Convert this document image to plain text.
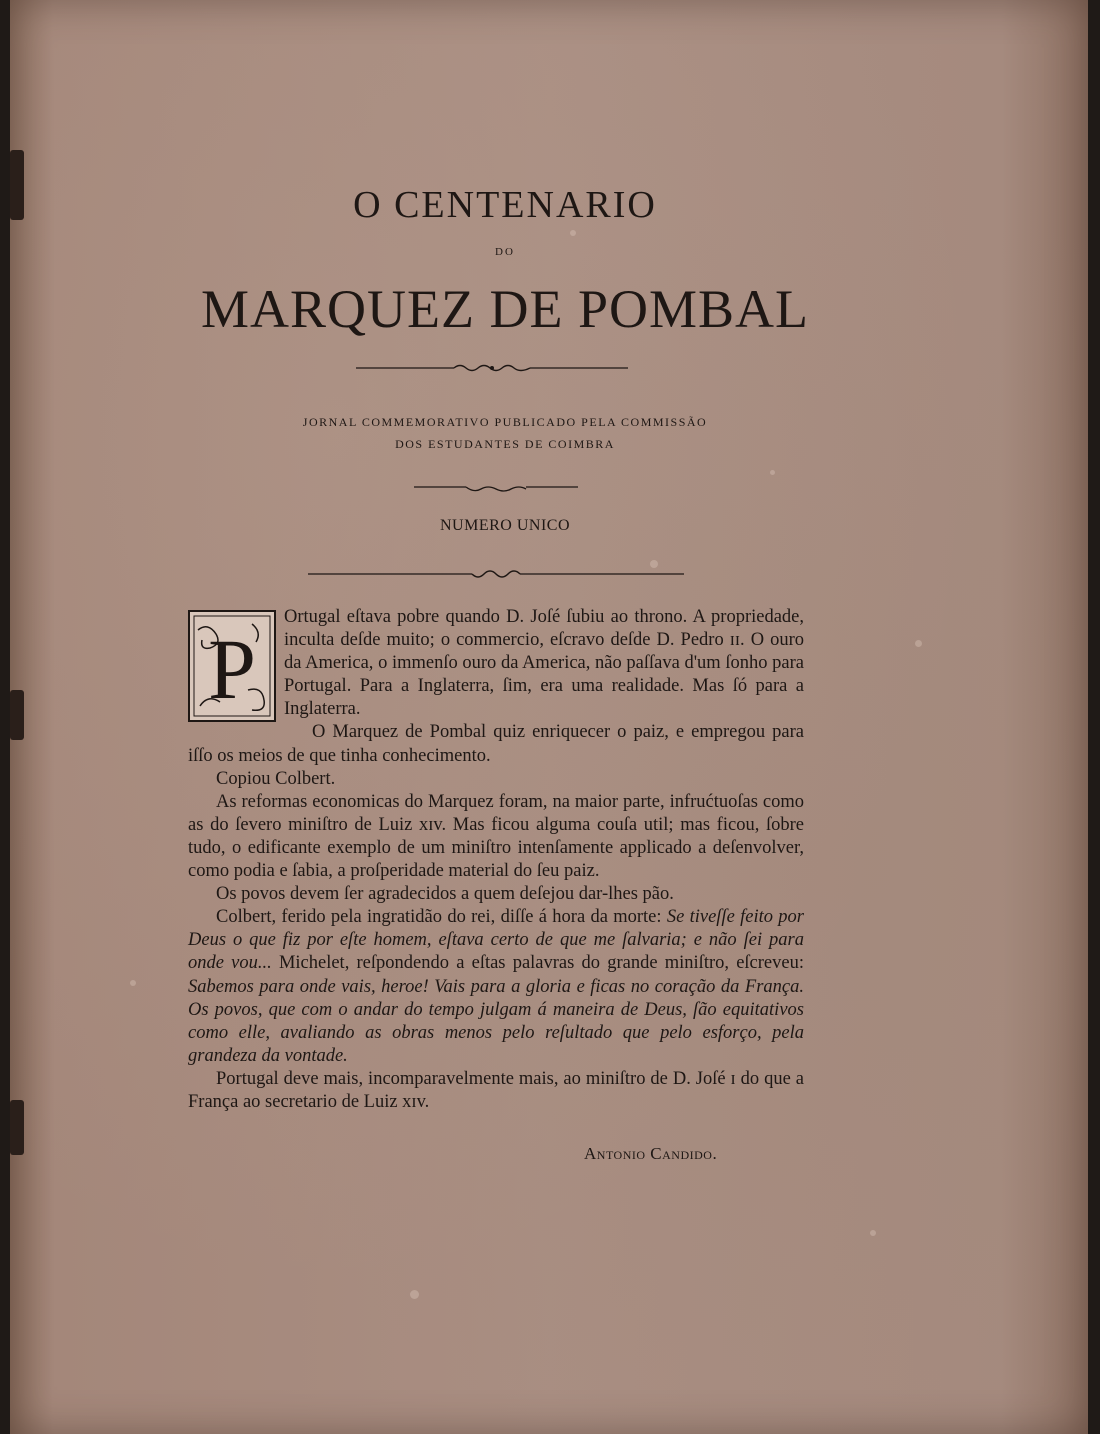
O CENTENARIO
DO
MARQUEZ DE POMBAL
JORNAL COMMEMORATIVO PUBLICADO PELA COMMISSÃO
DOS ESTUDANTES DE COIMBRA
NUMERO UNICO
P

Ortugal eſtava pobre quando D. Joſé ſubiu ao throno. A propriedade, inculta deſde muito; o commercio, eſcravo deſde D. Pedro ɪɪ. O ouro da America, o immenſo ouro da America, não paſſava d'um ſonho para Portugal. Para a Inglaterra, ſim, era uma realidade. Mas ſó para a Inglaterra.

O Marquez de Pombal quiz enriquecer o paiz, e empregou para iſſo os meios de que tinha conhecimento.

Copiou Colbert.

As reformas economicas do Marquez foram, na maior parte, infrućtuoſas como as do ſevero miniſtro de Luiz xɪv. Mas ficou alguma couſa util; mas ficou, ſobre tudo, o edificante exemplo de um miniſtro intenſamente applicado a deſenvolver, como podia e ſabia, a proſperidade material do ſeu paiz.

Os povos devem ſer agradecidos a quem deſejou dar-lhes pão.

Colbert, ferido pela ingratidão do rei, diſſe á hora da morte: Se tiveſſe feito por Deus o que fiz por eſte homem, eſtava certo de que me ſalvaria; e não ſei para onde vou... Michelet, reſpondendo a eſtas palavras do grande miniſtro, eſcreveu: Sabemos para onde vais, heroe! Vais para a gloria e ficas no coração da França. Os povos, que com o andar do tempo julgam á maneira de Deus, ſão equitativos como elle, avaliando as obras menos pelo reſultado que pelo esforço, pela grandeza da vontade.

Portugal deve mais, incomparavelmente mais, ao miniſtro de D. Joſé ɪ do que a França ao secretario de Luiz xɪv.

Antonio Candido.
